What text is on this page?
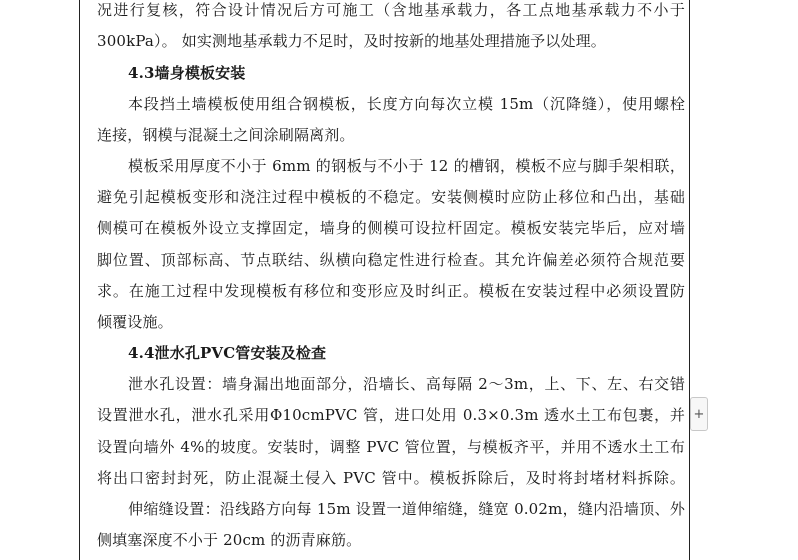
况进行复核，符合设计情况后方可施工（含地基承载力，各工点地基承载力不小于
300kPa）。 如实测地基承载力不足时，及时按新的地基处理措施予以处理。
4.3墙身模板安装
本段挡土墙模板使用组合钢模板，长度方向每次立模 15m（沉降缝），使用螺栓
连接，钢模与混凝土之间涂刷隔离剂。
模板采用厚度不小于 6mm 的钢板与不小于 12 的槽钢，模板不应与脚手架相联，
避免引起模板变形和浇注过程中模板的不稳定。安装侧模时应防止移位和凸出，基础
侧模可在模板外设立支撑固定，墙身的侧模可设拉杆固定。模板安装完毕后，应对墙
脚位置、顶部标高、节点联结、纵横向稳定性进行检查。其允许偏差必须符合规范要
求。在施工过程中发现模板有移位和变形应及时纠正。模板在安装过程中必须设置防
倾覆设施。
4.4泄水孔PVC管安装及检查
泄水孔设置：墙身漏出地面部分，沿墙长、高每隔 2～3m，上、下、左、右交错
设置泄水孔，泄水孔采用Φ10cmPVC 管，进口处用 0.3×0.3m 透水土工布包裹，并
设置向墙外 4%的坡度。安装时，调整 PVC 管位置，与模板齐平，并用不透水土工布
将出口密封封死，防止混凝土侵入 PVC 管中。模板拆除后，及时将封堵材料拆除。
伸缩缝设置：沿线路方向每 15m 设置一道伸缩缝，缝宽 0.02m，缝内沿墙顶、外
侧填塞深度不小于 20cm 的沥青麻筋。
+
